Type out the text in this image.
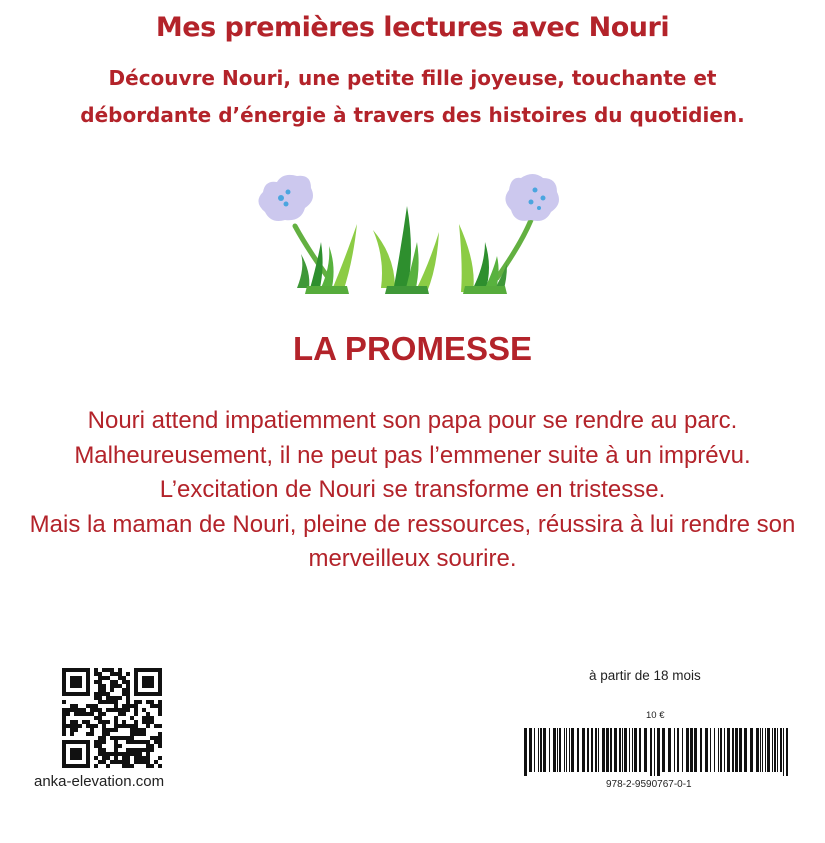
Mes premières lectures avec Nouri
Découvre Nouri, une petite fille joyeuse, touchante et
débordante d’énergie à travers des histoires du quotidien.
LA PROMESSE

Nouri attend impatiemment son papa pour se rendre au parc. Malheureusement, il ne peut pas l’emmener suite à un imprévu.

L’excitation de Nouri se transforme en tristesse.

Mais la maman de Nouri, pleine de ressources, réussira à lui rendre son merveilleux sourire.

anka-elevation.com
à partir de 18 mois
10 €
978-2-9590767-0-1
